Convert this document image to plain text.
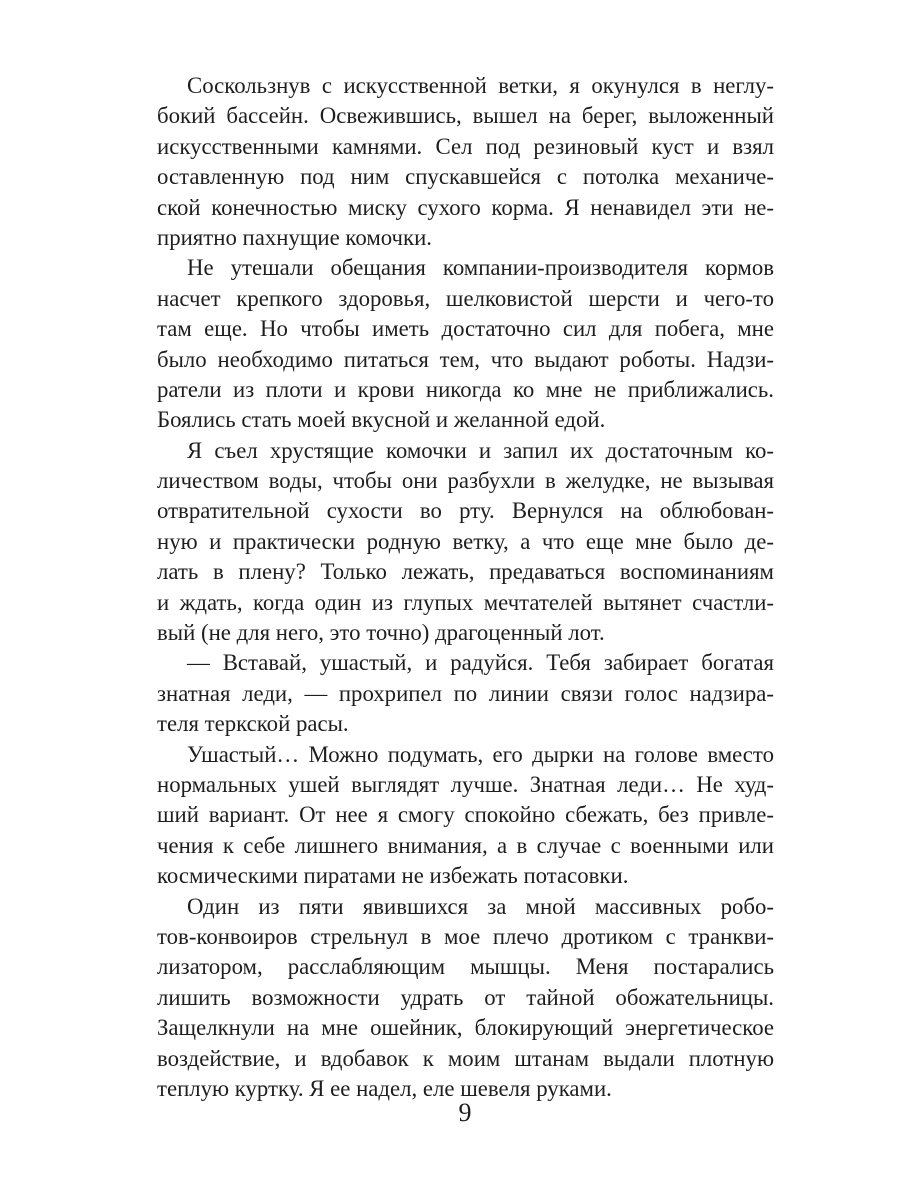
Соскользнув с искусственной ветки, я окунулся в неглу-
бокий бассейн. Освежившись, вышел на берег, выложенный
искусственными камнями. Сел под резиновый куст и взял
оставленную под ним спускавшейся с потолка механиче-
ской конечностью миску сухого корма. Я ненавидел эти не-
приятно пахнущие комочки.
Не утешали обещания компании-производителя кормов
насчет крепкого здоровья, шелковистой шерсти и чего-то
там еще. Но чтобы иметь достаточно сил для побега, мне
было необходимо питаться тем, что выдают роботы. Надзи-
ратели из плоти и крови никогда ко мне не приближались.
Боялись стать моей вкусной и желанной едой.
Я съел хрустящие комочки и запил их достаточным ко-
личеством воды, чтобы они разбухли в желудке, не вызывая
отвратительной сухости во рту. Вернулся на облюбован-
ную и практически родную ветку, а что еще мне было де-
лать в плену? Только лежать, предаваться воспоминаниям
и ждать, когда один из глупых мечтателей вытянет счастли-
вый (не для него, это точно) драгоценный лот.
— Вставай, ушастый, и радуйся. Тебя забирает богатая
знатная леди, — прохрипел по линии связи голос надзира-
теля теркской расы.
Ушастый… Можно подумать, его дырки на голове вместо
нормальных ушей выглядят лучше. Знатная леди… Не худ-
ший вариант. От нее я смогу спокойно сбежать, без привле-
чения к себе лишнего внимания, а в случае с военными или
космическими пиратами не избежать потасовки.
Один из пяти явившихся за мной массивных робо-
тов-конвоиров стрельнул в мое плечо дротиком с транкви-
лизатором, расслабляющим мышцы. Меня постарались
лишить возможности удрать от тайной обожательницы.
Защелкнули на мне ошейник, блокирующий энергетическое
воздействие, и вдобавок к моим штанам выдали плотную
теплую куртку. Я ее надел, еле шевеля руками.
9
